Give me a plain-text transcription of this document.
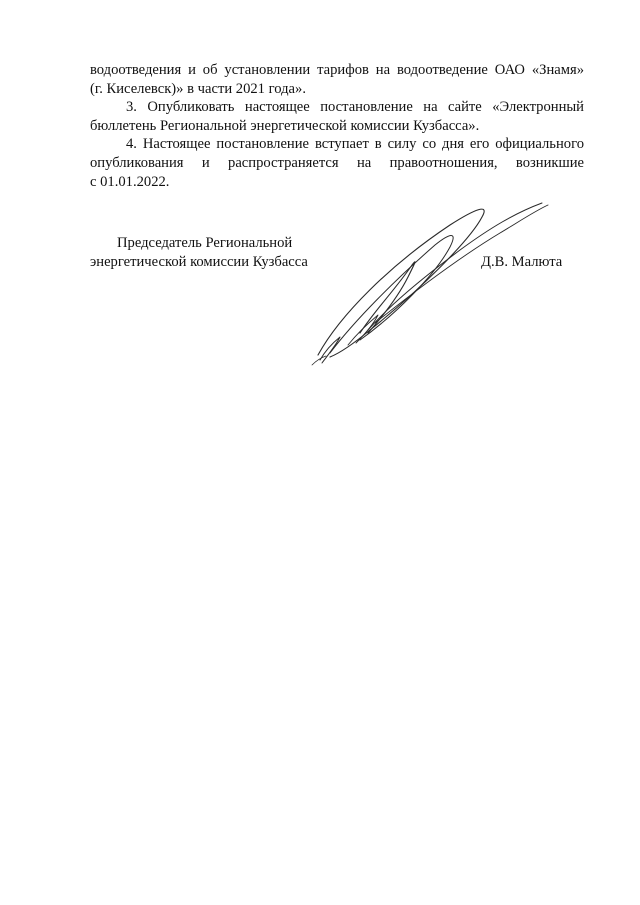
водоотведения и об установлении тарифов на водоотведение ОАО «Знамя»
(г. Киселевск)» в части 2021 года».

3. Опубликовать настоящее постановление на сайте «Электронный
бюллетень Региональной энергетической комиссии Кузбасса».

4. Настоящее постановление вступает в силу со дня его официального
опубликования и распространяется на правоотношения, возникшие
с 01.01.2022.

Председатель Региональной
энергетической комиссии Кузбасса	Д.В. Малюта
